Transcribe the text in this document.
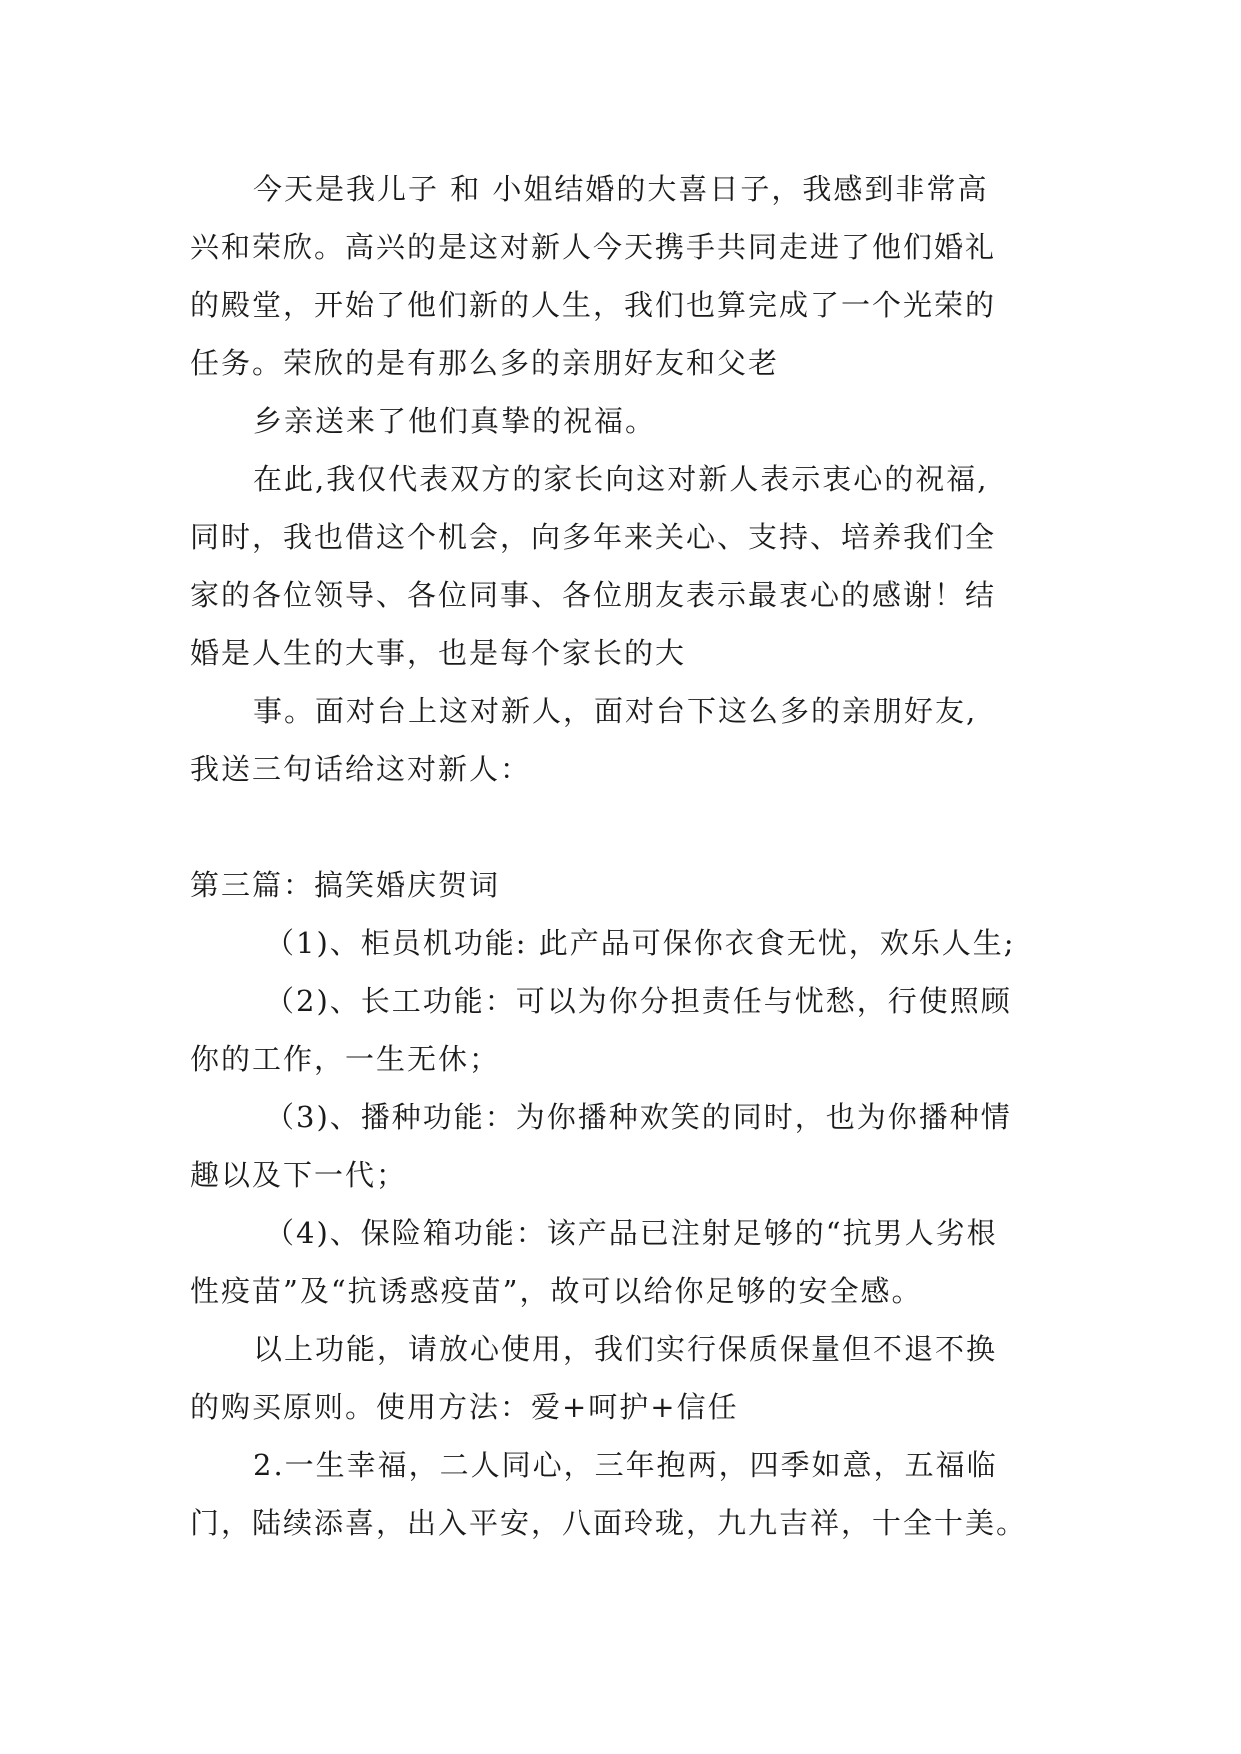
今天是我儿子 和 小姐结婚的大喜日子，我感到非常高
兴和荣欣。高兴的是这对新人今天携手共同走进了他们婚礼
的殿堂，开始了他们新的人生，我们也算完成了一个光荣的
任务。荣欣的是有那么多的亲朋好友和父老
乡亲送来了他们真挚的祝福。
在此,我仅代表双方的家长向这对新人表示衷心的祝福,
同时，我也借这个机会，向多年来关心、支持、培养我们全
家的各位领导、各位同事、各位朋友表示最衷心的感谢！结
婚是人生的大事，也是每个家长的大
事。面对台上这对新人，面对台下这么多的亲朋好友,
我送三句话给这对新人：
第三篇：搞笑婚庆贺词
（1)、柜员机功能: 此产品可保你衣食无忧，欢乐人生;
（2)、长工功能：可以为你分担责任与忧愁，行使照顾
你的工作，一生无休；
（3)、播种功能：为你播种欢笑的同时，也为你播种情
趣以及下一代；
（4)、保险箱功能：该产品已注射足够的“抗男人劣根
性疫苗”及“抗诱惑疫苗”，故可以给你足够的安全感。
以上功能，请放心使用，我们实行保质保量但不退不换
的购买原则。使用方法：爱+呵护+信任
2.一生幸福，二人同心，三年抱两，四季如意，五福临
门，陆续添喜，出入平安，八面玲珑，九九吉祥，十全十美。
